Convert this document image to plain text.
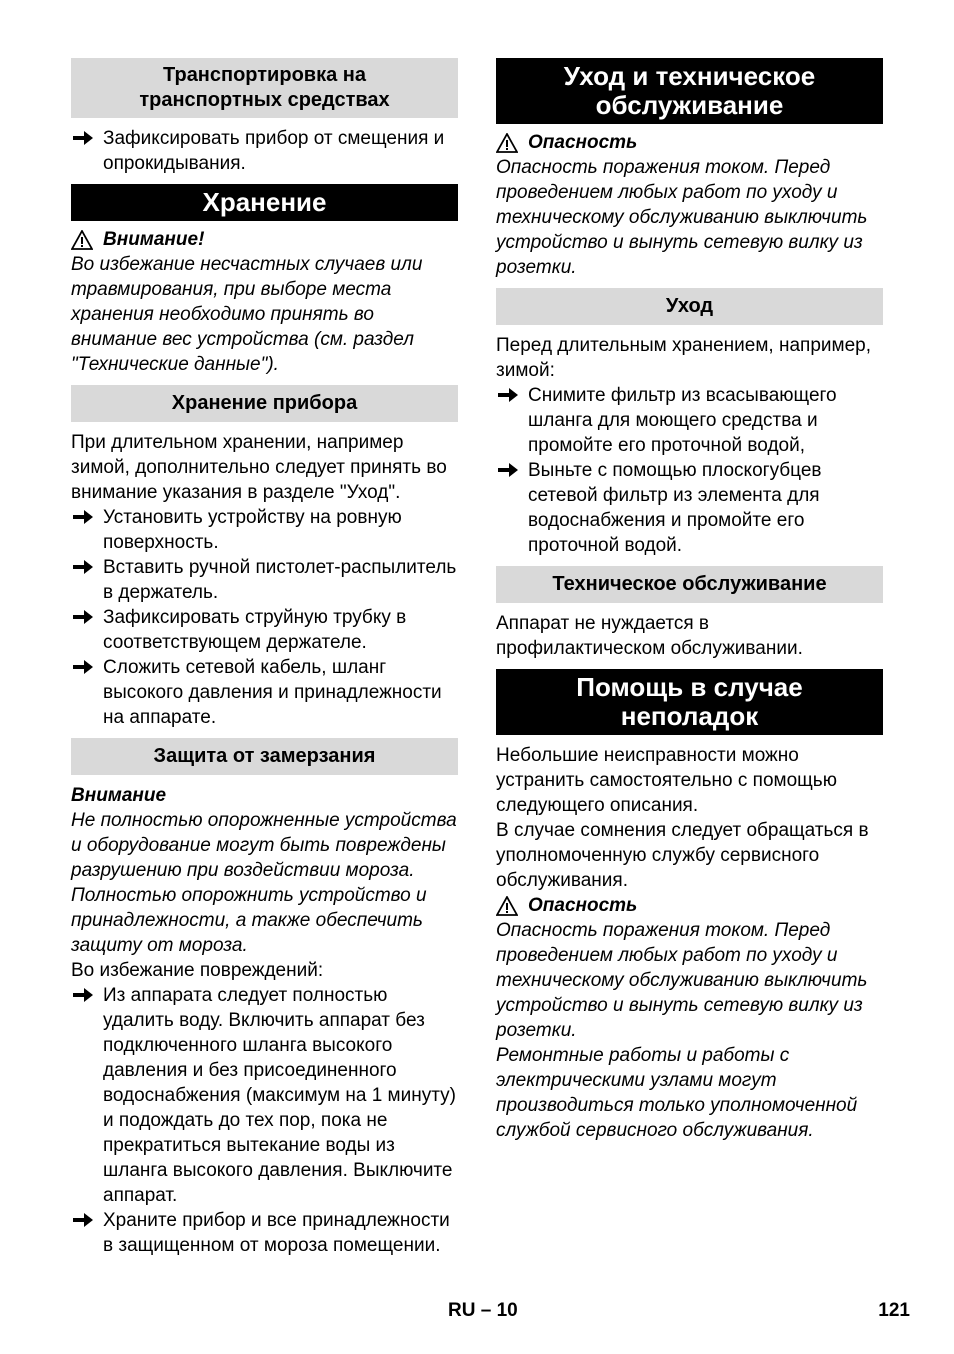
Транспортировка на транспортных средствах
Зафиксировать прибор от смещения и опрокидывания.
Хранение
Внимание!

Во избежание несчастных случаев или травмирования, при выборе места хранения необходимо принять во внимание вес устройства (см. раздел "Технические данные").

Хранение прибора

При длительном хранении, например зимой, дополнительно следует принять во внимание указания в разделе "Уход".

Установить устройству на ровную поверхность.
Вставить ручной пистолет-распылитель в держатель.
Зафиксировать струйную трубку в соответствующем держателе.
Сложить сетевой кабель, шланг высокого давления и принадлежности на аппарате.
Защита от замерзания

Внимание

Не полностью опорожненные устройства и оборудование могут быть повреждены разрушению при воздействии мороза. Полностью опорожнить устройство и принадлежности, а также обеспечить защиту от мороза.

Во избежание повреждений:

Из аппарата следует полностью удалить воду. Включить аппарат без подключенного шланга высокого давления и без присоединенного водоснабжения (максимум на 1 минуту) и подождать до тех пор, пока не прекратиться вытекание воды из шланга высокого давления. Выключите аппарат.
Храните прибор и все принадлежности в защищенном от мороза помещении.
Уход и техническое обслуживание
Опасность

Опасность поражения током. Перед проведением любых работ по уходу и техническому обслуживанию выключить устройство и вынуть сетевую вилку из розетки.

Уход

Перед длительным хранением, например, зимой:

Снимите фильтр из всасывающего шланга для моющего средства и промойте его проточной водой,
Выньте с помощью плоскогубцев сетевой фильтр из элемента для водоснабжения и промойте его проточной водой.
Техническое обслуживание

Аппарат не нуждается в профилактическом обслуживании.

Помощь в случае неполадок

Небольшие неисправности можно устранить самостоятельно с помощью следующего описания.

В случае сомнения следует обращаться в уполномоченную службу сервисного обслуживания.

Опасность

Опасность поражения током. Перед проведением любых работ по уходу и техническому обслуживанию выключить устройство и вынуть сетевую вилку из розетки.

Ремонтные работы и работы с электрическими узлами могут производиться только уполномоченной службой сервисного обслуживания.

RU – 10	121
